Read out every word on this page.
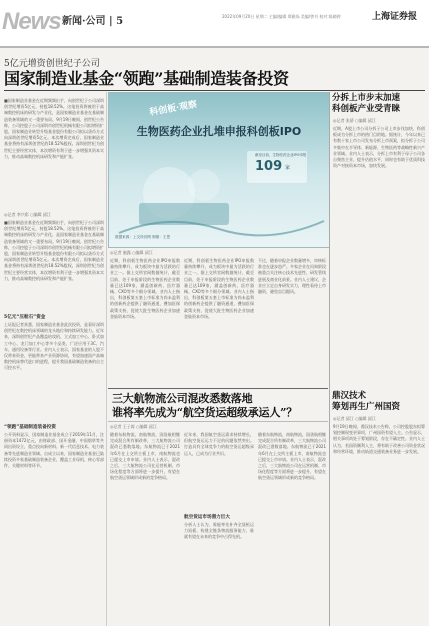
News 新闻·公司 | 5	2022年09月20日 星期二 主编/编辑 郑雅烁 美编/曾书 校对:陈晓婷	上海证券报
5亿元增资创世纪子公司
国家制造业基金“领跑”基础制造装备投资
■国家制造业基金在近期频频出手，向创世纪子公司深圳创世纪增资5亿元，持股18.52%。这笔投资将被用于高端数控机床的研发与产业化，是国家制造业基金在基础制造装备领域的又一重要布局。9月19日晚间，创世纪公告称，公司控股子公司深圳市创世纪机械有限公司拟增资扩股，国家制造业转型升级基金股份有限公司拟以货币方式向深圳创世纪增资5亿元。本次增资完成后，国家制造业基金将持有深圳创世纪约18.52%股权。深圳创世纪为创世纪主要经营实体，本次增资有利于进一步增强其资本实力，推动高端数控机床研发和产能扩张。
◎记者 李兴彩 ○编辑 邱江
■国家制造业基金在近期频频出手，向创世纪子公司深圳创世纪增资5亿元，持股18.52%。这笔投资将被用于高端数控机床的研发与产业化，是国家制造业基金在基础制造装备领域的又一重要布局。9月19日晚间，创世纪公告称，公司控股子公司深圳市创世纪机械有限公司拟增资扩股，国家制造业转型升级基金股份有限公司拟以货币方式向深圳创世纪增资5亿元。本次增资完成后，国家制造业基金将持有深圳创世纪约18.52%股权。深圳创世纪为创世纪主要经营实体，本次增资有利于进一步增强其资本实力，推动高端数控机床研发和产能扩张。
5亿元“压舱石”资金
上证报记者获悉，国家制造业基金此次投资，是看好深圳创世纪在数控机床领域的龙头地位和持续研发能力。近年来，深圳创世纪产品覆盖钻攻机、立式加工中心、卧式加工中心、龙门加工中心等多个品类，广泛应用于3C、汽车、通用设备等行业。业内人士表示，国家基金的入股不仅带来资金，更能带来产业资源协同，有望加速国产高端数控机床替代进口的进程，提升我国基础制造装备的自主可控水平。
“领跑”基础制造装备投资
公开资料显示，国家制造业基金成立于2019年11月，注册资本1472亿元，由财政部、国开金融、中国烟草等共同出资设立，重点投向新材料、新一代信息技术、电力装备等先进制造业领域。自成立以来，国家制造业基金已陆续投资多家基础制造装备企业，覆盖工业母机、核心零部件、关键材料等环节。
科创板·观察
生物医药企业扎堆申报科创板IPO
截至目前，生物医药企业IPO申报
109 家
数据来源：上交所官网 制图：王思
◎记者 施露 ○编辑 邱江
近期，科创板生物医药企业IPO申报数量持续攀升，成为板块中最为活跃的行业之一。据上交所官网数据统计，截至目前，处于申报阶段的生物医药企业数量已达109家，涵盖创新药、医疗器械、CXO等多个细分领域。业内人士指出，科创板第五套上市标准为尚未盈利的创新药企提供了融资通道，叠加医保政策支持，促使大批生物医药企业加速登陆资本市场。
近期，科创板生物医药企业IPO申报数量持续攀升，成为板块中最为活跃的行业之一。据上交所官网数据统计，截至目前，处于申报阶段的生物医药企业数量已达109家，涵盖创新药、医疗器械、CXO等多个细分领域。业内人士指出，科创板第五套上市标准为尚未盈利的创新药企提供了融资通道，叠加医保政策支持，促使大批生物医药企业加速登陆资本市场。
不过，随着申报企业数量增多，审核标准也在逐步趋严。多家企业在问询阶段被重点关注核心技术先进性、研发管线进展及商业化前景。业内人士建议，企业应立足自身研发实力，理性看待上市融资，避免盲目跟风。
三大航物流公司混改悉数落地
谁将率先成为“航空货运超级承运人”？
◎记者 王子霖 ○编辑 邱江
随着东航物流、南航物流、国货航相继完成混合所有制改革，三大航物流公司混改已悉数落地。东航物流已于2021年6月在上交所主板上市，南航物流也已提交上市申请。业内人士表示，混改之后，三大航物流公司在运营机制、市场化程度等方面将进一步提升，有望在航空货运领域形成新的竞争格局。
近年来，我国航空货运需求持续增长，但航空货运运力不足的问题依然突出。打造具有全球竞争力的航空货运超级承运人，已成为行业共识。
航空货运市场潜力巨大
分析人士认为，谁能率先补齐全货机运力短板、构建全链条物流服务能力，谁就有望在未来的竞争中占得先机。
随着东航物流、南航物流、国货航相继完成混合所有制改革，三大航物流公司混改已悉数落地。东航物流已于2021年6月在上交所主板上市，南航物流也已提交上市申请。业内人士表示，混改之后，三大航物流公司在运营机制、市场化程度等方面将进一步提升，有望在航空货运领域形成新的竞争格局。
分拆上市步末加速
科创板产业受青睐
◎记者 张骄 ○编辑 邱江
近期，A股上市公司分拆子公司上市步伐加快，科创板成为分拆上市的热门目的地。据统计，今年以来已有数十家上市公司发布分拆上市预案，拟分拆子公司多集中在半导体、新能源、生物医药等战略性新兴产业领域。业内人士表示，分拆上市有利于母子公司各自聚焦主业、提升估值水平，同时也有助于优质科技资产对接资本市场，加快发展。
鼎汉技术
筹划再生广州国资
◎记者 邱江 ○编辑 邱江
9月19日晚间，鼎汉技术公告称，公司控股股东拟筹划控制权变更事项，广州国资有望入主。公告显示，相关事项尚处于筹划阶段，存在不确定性。业内人士认为，若国资顺利入主，将有助于改善公司资金状况和经营环境，推动轨道交通装备业务进一步发展。
